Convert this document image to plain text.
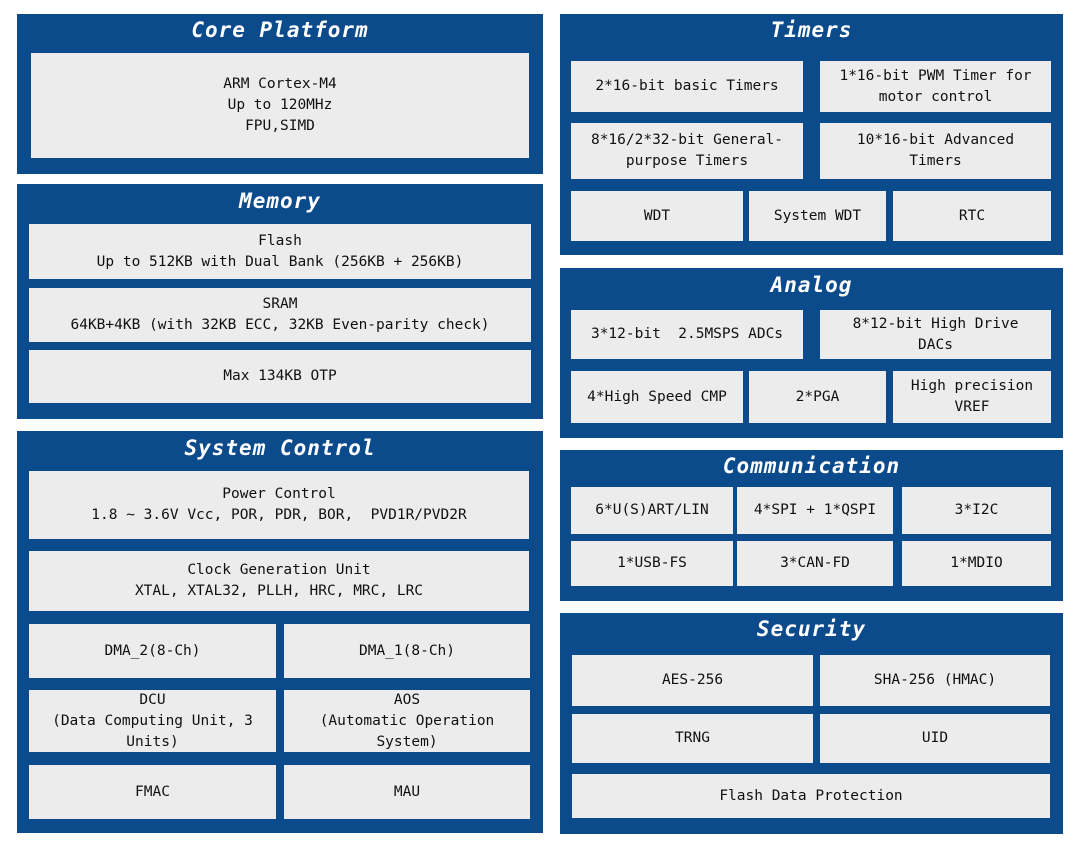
Core Platform
ARM Cortex-M4
Up to 120MHz
FPU,SIMD
Memory
Flash
Up to 512KB with Dual Bank (256KB + 256KB)
SRAM
64KB+4KB (with 32KB ECC, 32KB Even-parity check)
Max 134KB OTP
System Control
Power Control
1.8 ~ 3.6V Vcc, POR, PDR, BOR,  PVD1R/PVD2R
Clock Generation Unit
XTAL, XTAL32, PLLH, HRC, MRC, LRC
DMA_2(8-Ch)	DMA_1(8-Ch)
DCU
(Data Computing Unit, 3
Units)
AOS
(Automatic Operation
System)
FMAC	MAU
Timers
2*16-bit basic Timers
1*16-bit PWM Timer for
motor control
8*16/2*32-bit General-
purpose Timers
10*16-bit Advanced
Timers
WDT	System WDT	RTC
Analog
3*12-bit  2.5MSPS ADCs
8*12-bit High Drive
DACs
4*High Speed CMP	2*PGA
High precision
VREF
Communication
6*U(S)ART/LIN	4*SPI + 1*QSPI	3*I2C
1*USB-FS	3*CAN-FD	1*MDIO
Security
AES-256	SHA-256 (HMAC)
TRNG	UID
Flash Data Protection
